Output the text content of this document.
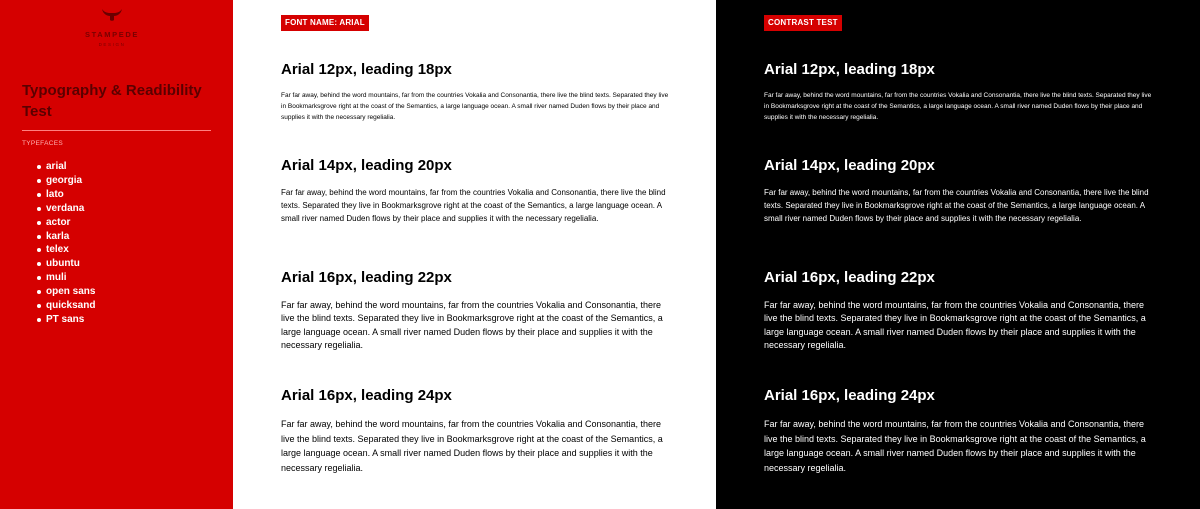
STAMPEDE
DESIGN
Typography & Readibility Test
TYPEFACES
arial
georgia
lato
verdana
actor
karla
telex
ubuntu
muli
open sans
quicksand
PT sans
FONT NAME: ARIAL
Arial 12px, leading 18px

Far far away, behind the word mountains, far from the countries Vokalia and Consonantia, there live the blind texts. Separated they live in Bookmarksgrove right at the coast of the Semantics, a large language ocean. A small river named Duden flows by their place and supplies it with the necessary regelialia.

Arial 14px, leading 20px

Far far away, behind the word mountains, far from the countries Vokalia and Consonantia, there live the blind texts. Separated they live in Bookmarksgrove right at the coast of the Semantics, a large language ocean. A small river named Duden flows by their place and supplies it with the necessary regelialia.

Arial 16px, leading 22px

Far far away, behind the word mountains, far from the countries Vokalia and Consonantia, there live the blind texts. Separated they live in Bookmarksgrove right at the coast of the Semantics, a large language ocean. A small river named Duden flows by their place and supplies it with the necessary regelialia.

Arial 16px, leading 24px

Far far away, behind the word mountains, far from the countries Vokalia and Consonantia, there live the blind texts. Separated they live in Bookmarksgrove right at the coast of the Semantics, a large language ocean. A small river named Duden flows by their place and supplies it with the necessary regelialia.

CONTRAST TEST
Arial 12px, leading 18px

Far far away, behind the word mountains, far from the countries Vokalia and Consonantia, there live the blind texts. Separated they live in Bookmarksgrove right at the coast of the Semantics, a large language ocean. A small river named Duden flows by their place and supplies it with the necessary regelialia.

Arial 14px, leading 20px

Far far away, behind the word mountains, far from the countries Vokalia and Consonantia, there live the blind texts. Separated they live in Bookmarksgrove right at the coast of the Semantics, a large language ocean. A small river named Duden flows by their place and supplies it with the necessary regelialia.

Arial 16px, leading 22px

Far far away, behind the word mountains, far from the countries Vokalia and Consonantia, there live the blind texts. Separated they live in Bookmarksgrove right at the coast of the Semantics, a large language ocean. A small river named Duden flows by their place and supplies it with the necessary regelialia.

Arial 16px, leading 24px

Far far away, behind the word mountains, far from the countries Vokalia and Consonantia, there live the blind texts. Separated they live in Bookmarksgrove right at the coast of the Semantics, a large language ocean. A small river named Duden flows by their place and supplies it with the necessary regelialia.
